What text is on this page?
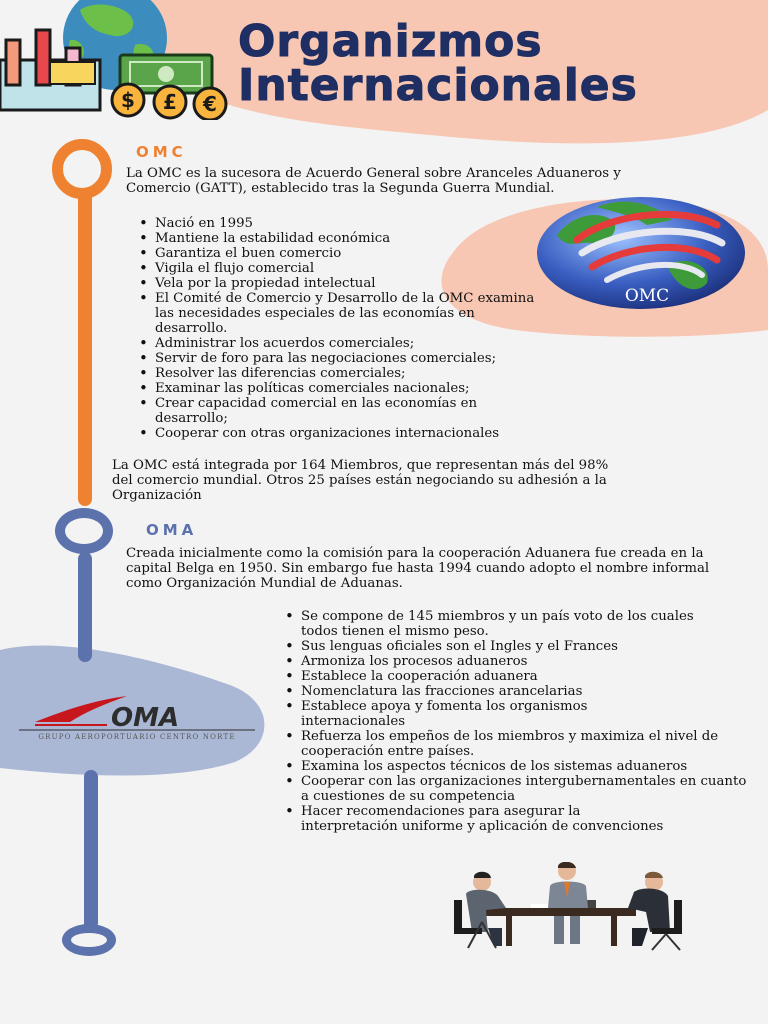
$ £ €
Organizmos
Internacionales
OMC

La OMC es la sucesora de Acuerdo General sobre Aranceles Aduaneros y Comercio (GATT), establecido tras la Segunda Guerra Mundial.

OMC
• Nació en 1995
• Mantiene la estabilidad económica
• Garantiza el buen comercio
• Vigila el flujo comercial
• Vela por la propiedad intelectual
• El Comité de Comercio y Desarrollo de la OMC examina las necesidades especiales de las economías en desarrollo.
• Administrar los acuerdos comerciales;
• Servir de foro para las negociaciones comerciales;
• Resolver las diferencias comerciales;
• Examinar las políticas comerciales nacionales;
• Crear capacidad comercial en las economías en desarrollo;
• Cooperar con otras organizaciones internacionales

La OMC está integrada por 164 Miembros, que representan más del 98% del comercio mundial. Otros 25 países están negociando su adhesión a la Organización

OMA

Creada inicialmente como la comisión para la cooperación Aduanera fue creada en la capital Belga en 1950. Sin embargo fue hasta 1994 cuando adopto el nombre informal como Organización Mundial de Aduanas.

OMA
GRUPO AEROPORTUARIO CENTRO NORTE
• Se compone de 145 miembros y un país voto de los cuales todos tienen el mismo peso.
• Sus lenguas oficiales son el Ingles y el Frances
• Armoniza los procesos aduaneros
• Establece la cooperación aduanera
• Nomenclatura las fracciones arancelarias
• Establece apoya y fomenta los organismos internacionales
• Refuerza los empeños de los miembros y maximiza el nivel de cooperación entre países.
• Examina los aspectos técnicos de los sistemas aduaneros
• Cooperar con las organizaciones intergubernamentales en cuanto a cuestiones de su competencia
• Hacer recomendaciones para asegurar la interpretación uniforme y aplicación de convenciones
